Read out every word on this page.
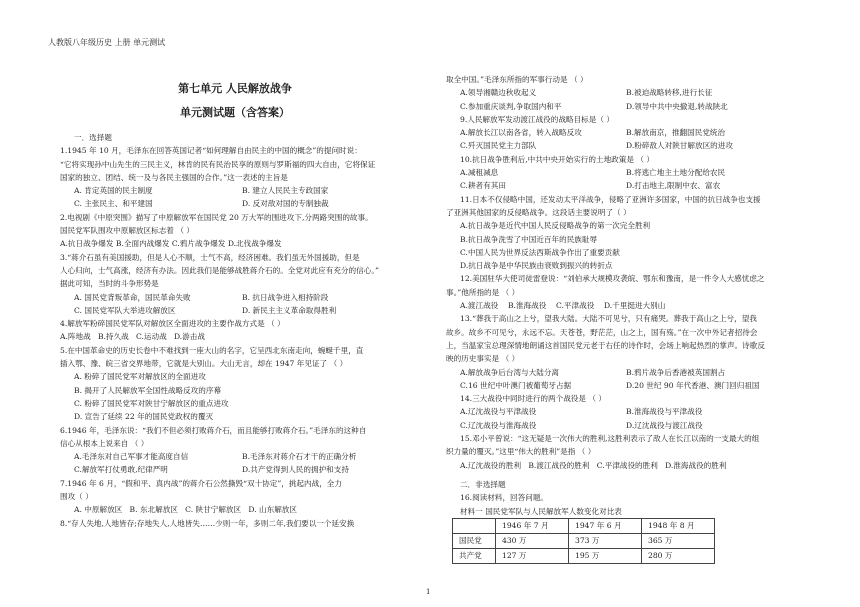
人教版八年级历史 上册 单元测试
第七单元 人民解放战争
单元测试题（含答案）

一．选择题

1.1945 年 10 月，毛泽东在回答英国记者“如何理解自由民主的中国的概念”的提问时说：

“它将实现孙中山先生的三民主义，林肯的民有民治民享的原则与罗斯福的四大自由，它将保证

国家的独立、团结、统一及与各民主强国的合作。”这一表述的主旨是

A. 肯定英国的民主制度	B. 建立人民民主专政国家
C. 主张民主、和平建国	D. 反对敌对国的专制独裁

2.电视剧《中原突围》描写了中原解放军在国民党 20 万大军的围进攻下,分两路突围的故事。

国民党军队围攻中原解放区标志着 （ ）

A.抗日战争爆发 B.全面内战爆发 C.鸦片战争爆发 D.北伐战争爆发

3.“蒋介石虽有美国援助，但是人心不顺，士气不高，经济困难。我们虽无外国援助，但是

人心归向，士气高涨，经济有办法。因此我们是能够战胜蒋介石的。全党对此应有充分的信心。”

据此可知，当时的斗争形势是

A. 国民党背叛革命，国民革命失败	B. 抗日战争进入相持阶段
C. 国民党军队大举进攻解放区	D. 新民主主义革命取得胜利

4.解放军粉碎国民党军队对解放区全面进攻的主要作战方式是 （ ）

A.阵地战 B.持久战 C.运动战 D.游击战

5.在中国革命史的历史长卷中不难找到一座大山的名字，它呈西北东南走向，蜿蜒千里，直

插入鄂、豫、皖三省交界地带，它就是大别山。大山无言，却在 1947 年见证了 （ ）

A. 粉碎了国民党军对解放区的全面进攻

B. 揭开了人民解放军全国性战略反攻的序幕

C. 粉碎了国民党军对陕甘宁解放区的重点进攻

D. 宣告了延续 22 年的国民党政权的覆灭

6.1946 年，毛泽东说：“我们不但必须打败蒋介石，而且能够打败蒋介石。”毛泽东的这种自

信心从根本上说来自 （ ）

A.毛泽东对自己军事才能高度自信	B.毛泽东对蒋介石才干的正确分析
C.解放军打仗勇敢,纪律严明	D.共产党得到人民的拥护和支持

7.1946 年 6 月，“假和平、真内战”的蒋介石公然撕毁“双十协定”，挑起内战，全力

围攻（ ）

A. 中原解放区 B. 东北解放区 C. 陕甘宁解放区 D. 山东解放区

8.“存人失地,人地皆存;存地失人,人地皆失……少则一年，多则二年,我们要以一个延安换

取全中国。”毛泽东所指的军事行动是 （ ）

A.领导湘赣边秋收起义	B.被迫战略转移,进行长征
C.参加重庆谈判,争取国内和平	D.领导中共中央撤退,转战陕北

9.人民解放军发动渡江战役的战略目标是（ ）

A.解放长江以南各省，转入战略反攻	B.解放南京，推翻国民党统治
C.歼灭国民党主力部队	D.粉碎敌人对陕甘解放区的进攻

10.抗日战争胜利后,中共中央开始实行的土地政策是 （ ）

A.减租减息	B.将逃亡地主土地分配给农民
C.耕者有其田	D.打击地主,限制中农、富农

11.日本不仅侵略中国，还发动太平洋战争，侵略了亚洲许多国家，中国的抗日战争也支援

了亚洲其他国家的反侵略战争。这段话主要说明了（ ）

A.抗日战争是近代中国人民反侵略战争的第一次完全胜利

B.抗日战争洗雪了中国近百年的民族耻辱

C.中国人民为世界反法西斯战争作出了重要贡献

D.抗日战争是中华民族由衰败到振兴的转折点

12.美国驻华大使司徒雷登说：“刘伯承大规模攻袭皖、鄂东和豫南，是一件令人大感忧虑之

事。”他所指的是 （ ）

A.渡江战役 B.淮海战役 C.平津战役 D.千里挺进大别山

13.“葬我于高山之上兮，望我大陆。大陆不可见兮，只有痛哭。葬我于高山之上兮，望我

故乡。故乡不可见兮，永远不忘。天苍苍，野茫茫，山之上，国有殇。”在一次中外记者招待会

上，当温家宝总理深情地朗诵这首国民党元老于右任的诗作时，会场上响起热烈的掌声。诗歌反

映的历史事实是 （ ）

A.解放战争后台湾与大陆分离	B.鸦片战争后香港被英国割占
C.16 世纪中叶澳门被葡萄牙占据	D.20 世纪 90 年代香港、澳门回归祖国

14.三大战役中同时进行的两个战役是 （ ）

A.辽沈战役与平津战役	B.淮海战役与平津战役
C.辽沈战役与淮海战役	D.辽沈战役与渡江战役

15.邓小平曾说：“这无疑是一次伟大的胜利,这胜利表示了敌人在长江以南的一支最大的组

织力量的覆灭。”这里“伟大的胜利”是指 （ ）

A.辽沈战役的胜利 B.渡江战役的胜利 C.平津战役的胜利 D.淮海战役的胜利

二．非选择题

16.阅读材料，回答问题。

材料一 国民党军队与人民解放军人数变化对比表

	1946 年 7 月	1947 年 6 月	1948 年 8 月
国民党	430 万	373 万	365 万
共产党	127 万	195 万	280 万
1
